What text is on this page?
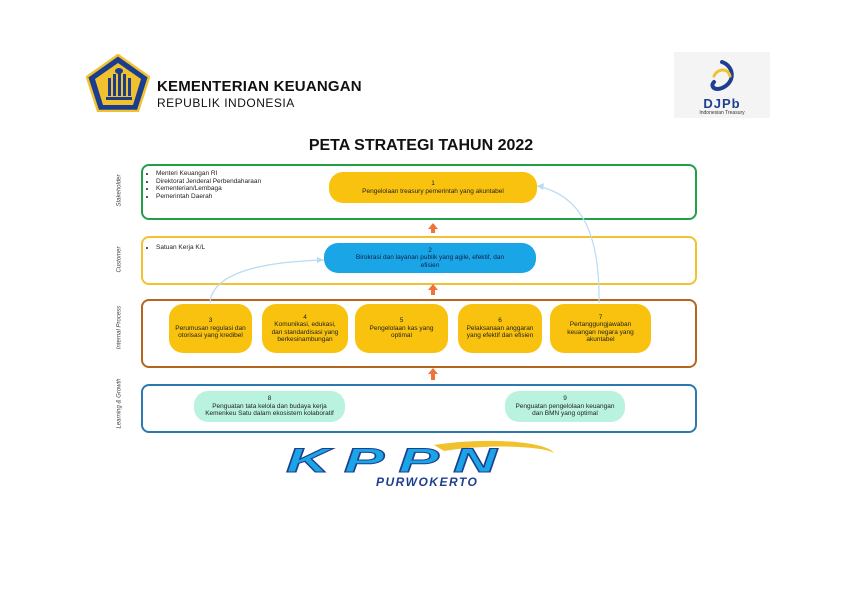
KEMENTERIAN KEUANGAN
REPUBLIK INDONESIA	DJPb
Indonesian Treasury
PETA STRATEGI TAHUN 2022
Stakeholder
Customer
Internal Process
Learning & Growth
• Menteri Keuangan RI
• Direktorat Jenderal Perbendaharaan
• Kementerian/Lembaga
• Pemerintah Daerah
• Satuan Kerja K/L
1
Pengelolaan treasury pemerintah yang akuntabel
2
Birokrasi dan layanan publik yang agile, efektif, dan efisien
3
Perumusan regulasi dan otorisasi yang kredibel
4
Komunikasi, edukasi, dan standardisasi yang berkesinambungan
5
Pengelolaan kas yang optimal
6
Pelaksanaan anggaran yang efektif dan efisien
7
Pertanggungjawaban keuangan negara yang akuntabel
8
Penguatan tata kelola dan budaya kerja Kemenkeu Satu dalam ekosistem kolaboratif
9
Penguatan pengelolaan keuangan dan BMN yang optimal
KPPN
PURWOKERTO
